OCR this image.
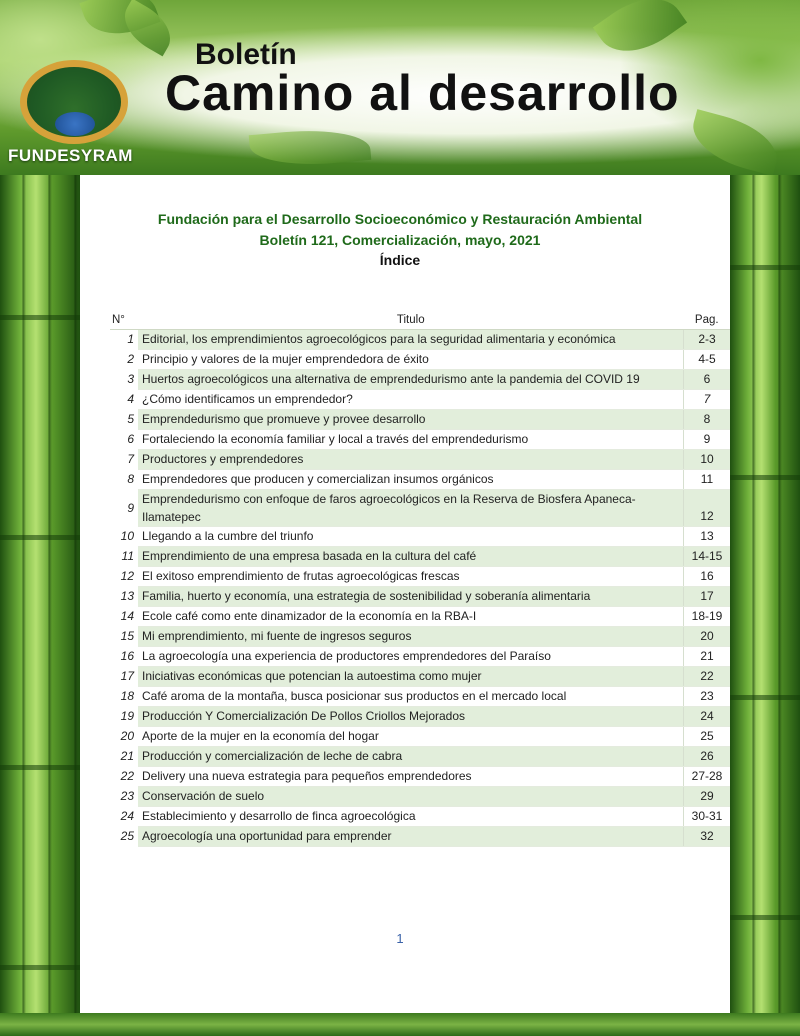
FUNDESYRAM
Boletín
Camino al desarrollo
Fundación para el Desarrollo Socioeconómico y Restauración Ambiental
Boletín 121, Comercialización, mayo, 2021
Índice
N°	Titulo	Pag.
1	Editorial, los emprendimientos agroecológicos para la seguridad alimentaria y económica	2-3
2	Principio y valores de la mujer emprendedora de éxito	4-5
3	Huertos agroecológicos una alternativa de emprendedurismo ante la pandemia del COVID 19	6
4	¿Cómo identificamos un emprendedor?	7
5	Emprendedurismo que promueve y provee desarrollo	8
6	Fortaleciendo la economía familiar y local a través del emprendedurismo	9
7	Productores y emprendedores	10
8	Emprendedores que producen y comercializan insumos orgánicos	11
9	Emprendedurismo con enfoque de faros agroecológicos en la Reserva de Biosfera Apaneca-Ilamatepec	12
10	Llegando a la cumbre del triunfo	13
11	Emprendimiento de una empresa basada en la cultura del café	14-15
12	El exitoso emprendimiento de frutas agroecológicas frescas	16
13	Familia, huerto y economía, una estrategia de sostenibilidad y soberanía alimentaria	17
14	Ecole café como ente dinamizador de la economía en la RBA-I	18-19
15	Mi emprendimiento, mi fuente de ingresos seguros	20
16	La agroecología una experiencia de productores emprendedores del Paraíso	21
17	Iniciativas económicas que potencian la autoestima como mujer	22
18	Café aroma de la montaña, busca posicionar sus productos en el mercado local	23
19	Producción Y Comercialización De Pollos Criollos Mejorados	24
20	Aporte de la mujer en la economía del hogar	25
21	Producción y comercialización de leche de cabra	26
22	Delivery una nueva estrategia para pequeños emprendedores	27-28
23	Conservación de suelo	29
24	Establecimiento y desarrollo de finca agroecológica	30-31
25	Agroecología una oportunidad para emprender	32
1
